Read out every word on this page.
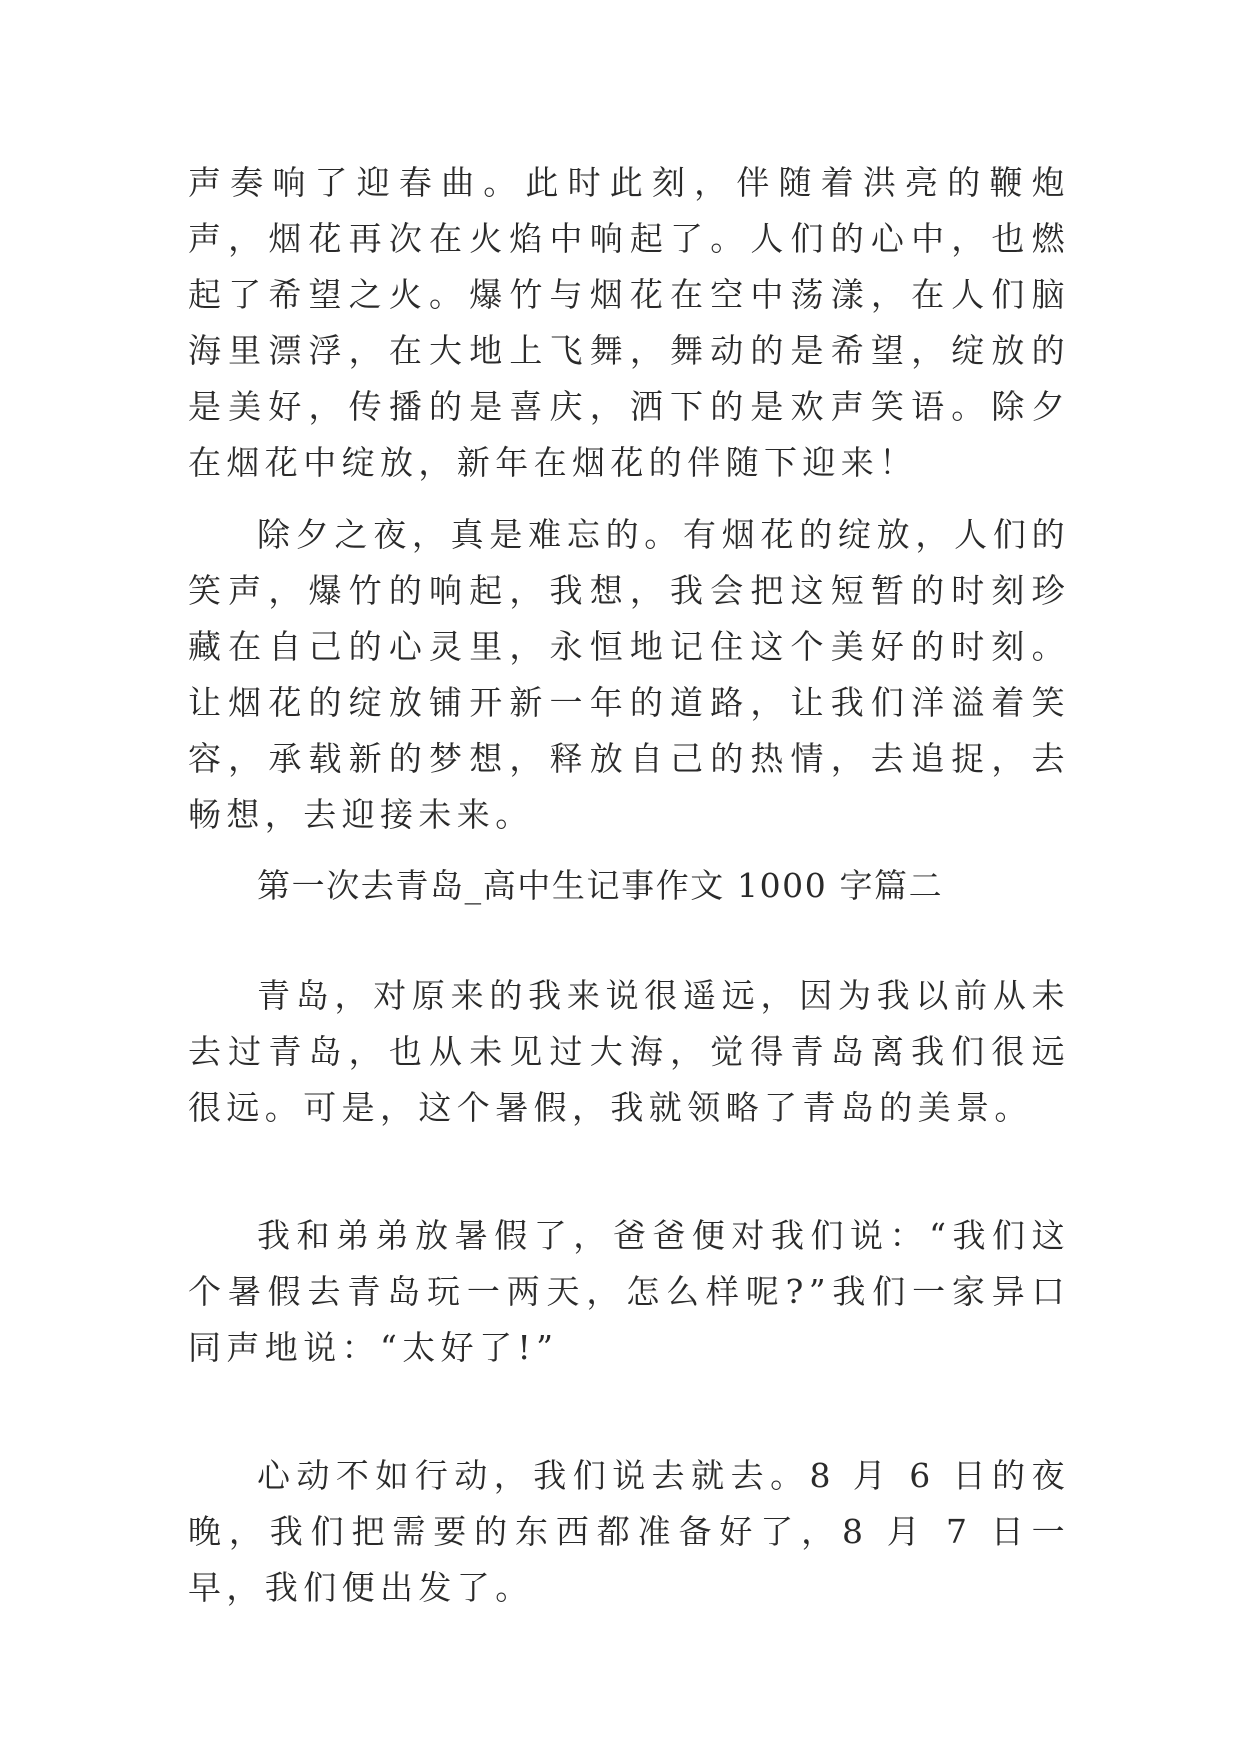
声奏响了迎春曲。此时此刻，伴随着洪亮的鞭炮声，烟花再次在火焰中响起了。人们的心中，也燃起了希望之火。爆竹与烟花在空中荡漾，在人们脑海里漂浮，在大地上飞舞，舞动的是希望，绽放的是美好，传播的是喜庆，洒下的是欢声笑语。除夕在烟花中绽放，新年在烟花的伴随下迎来！

除夕之夜，真是难忘的。有烟花的绽放，人们的笑声，爆竹的响起，我想，我会把这短暂的时刻珍藏在自己的心灵里，永恒地记住这个美好的时刻。让烟花的绽放铺开新一年的道路，让我们洋溢着笑容，承载新的梦想，释放自己的热情，去追捉，去畅想，去迎接未来。

第一次去青岛_高中生记事作文 1000 字篇二

青岛，对原来的我来说很遥远，因为我以前从未去过青岛，也从未见过大海，觉得青岛离我们很远很远。可是，这个暑假，我就领略了青岛的美景。

我和弟弟放暑假了，爸爸便对我们说：“我们这个暑假去青岛玩一两天，怎么样呢?”我们一家异口同声地说：“太好了!”

心动不如行动，我们说去就去。8 月 6 日的夜晚，我们把需要的东西都准备好了，8 月 7 日一早，我们便出发了。
